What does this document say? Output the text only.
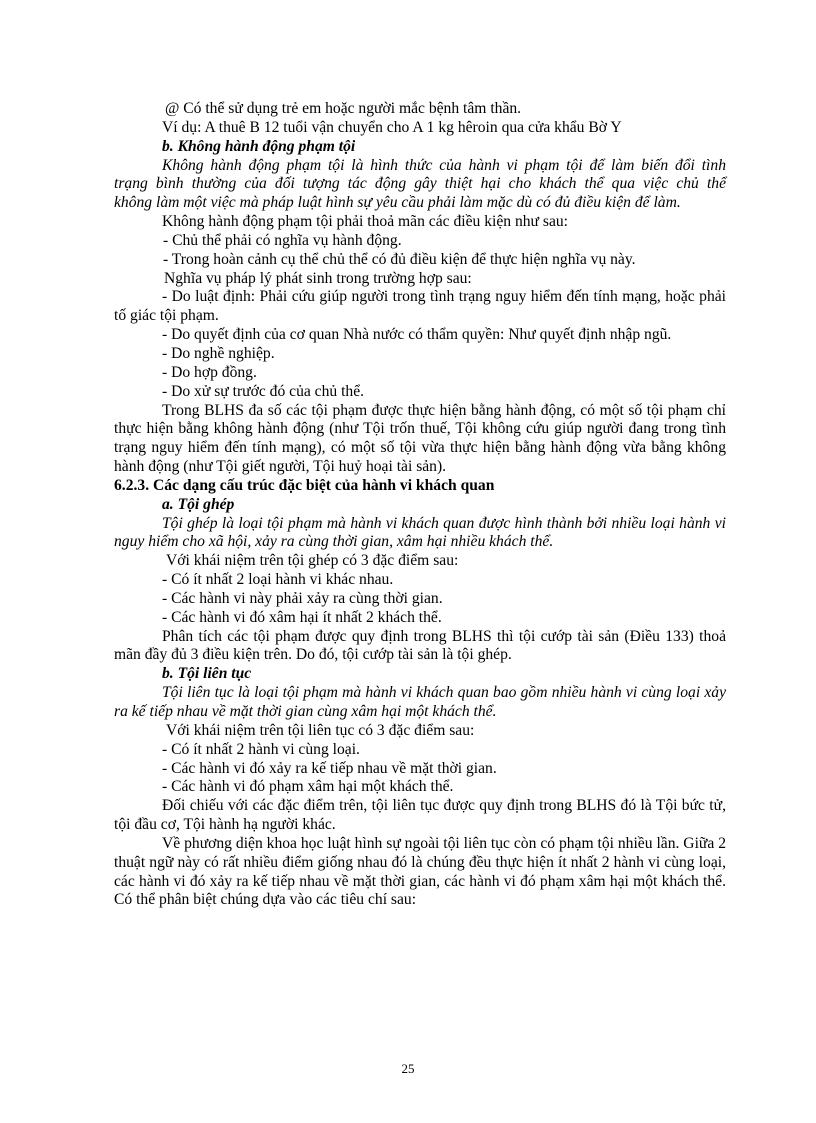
@ Có thể sử dụng trẻ em hoặc người mắc bệnh tâm thần.
Ví dụ: A thuê B 12 tuổi vận chuyển cho A 1 kg hêroin qua cửa khẩu Bờ Y
b. Không hành động phạm tội
Không hành động phạm tội là hình thức của hành vi phạm tội để làm biến đổi tình
trạng bình thường của đối tượng tác động gây thiệt hại cho khách thể qua việc chủ thể
không làm một việc mà pháp luật hình sự yêu cầu phải làm mặc dù có đủ điều kiện để làm.
Không hành động phạm tội phải thoả mãn các điều kiện như sau:
- Chủ thể phải có nghĩa vụ hành động.
- Trong hoàn cảnh cụ thể chủ thể có đủ điều kiện để thực hiện nghĩa vụ này.
Nghĩa vụ pháp lý phát sinh trong trường hợp sau:
- Do luật định: Phải cứu giúp người trong tình trạng nguy hiểm đến tính mạng, hoặc phải
tố giác tội phạm.
- Do quyết định của cơ quan Nhà nước có thẩm quyền: Như quyết định nhập ngũ.
- Do nghề nghiệp.
- Do hợp đồng.
- Do xử sự trước đó của chủ thể.
Trong BLHS đa số các tội phạm được thực hiện bằng hành động, có một số tội phạm chỉ
thực hiện bằng không hành động (như Tội trốn thuế, Tội không cứu giúp người đang trong tình
trạng nguy hiểm đến tính mạng), có một số tội vừa thực hiện bằng hành động vừa bằng không
hành động (như Tội giết người, Tội huỷ hoại tài sản).
6.2.3. Các dạng cấu trúc đặc biệt của hành vi khách quan
a. Tội ghép
Tội ghép là loại tội phạm mà hành vi khách quan được hình thành bởi nhiều loại hành vi
nguy hiểm cho xã hội, xảy ra cùng thời gian, xâm hại nhiều khách thể.
Với khái niệm trên tội ghép có 3 đặc điểm sau:
- Có ít nhất 2 loại hành vi khác nhau.
- Các hành vi này phải xảy ra cùng thời gian.
- Các hành vi đó xâm hại ít nhất 2 khách thể.
Phân tích các tội phạm được quy định trong BLHS thì tội cướp tài sản (Điều 133) thoả
mãn đầy đủ 3 điều kiện trên. Do đó, tội cướp tài sản là tội ghép.
b. Tội liên tục
Tội liên tục là loại tội phạm mà hành vi khách quan bao gồm nhiều hành vi cùng loại xảy
ra kế tiếp nhau về mặt thời gian cùng xâm hại một khách thể.
Với khái niệm trên tội liên tục có 3 đặc điểm sau:
- Có ít nhất 2 hành vi cùng loại.
- Các hành vi đó xảy ra kế tiếp nhau về mặt thời gian.
- Các hành vi đó phạm xâm hại một khách thể.
Đối chiếu với các đặc điểm trên, tội liên tục được quy định trong BLHS đó là Tội bức tử,
tội đầu cơ, Tội hành hạ người khác.
Về phương diện khoa học luật hình sự ngoài tội liên tục còn có phạm tội nhiều lần. Giữa 2
thuật ngữ này có rất nhiều điểm giống nhau đó là chúng đều thực hiện ít nhất 2 hành vi cùng loại,
các hành vi đó xảy ra kế tiếp nhau về mặt thời gian, các hành vi đó phạm xâm hại một khách thể.
Có thể phân biệt chúng dựa vào các tiêu chí sau:
25
